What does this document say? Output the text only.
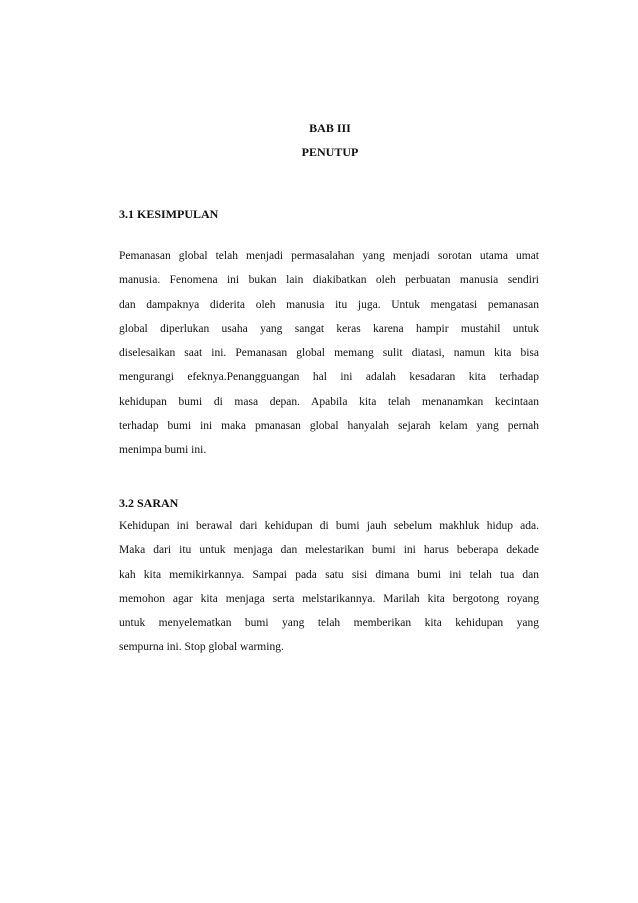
BAB III
PENUTUP
3.1 KESIMPULAN
Pemanasan global telah menjadi permasalahan yang menjadi sorotan utama umat
manusia. Fenomena ini bukan lain diakibatkan oleh perbuatan manusia sendiri
dan dampaknya diderita oleh manusia itu juga. Untuk mengatasi pemanasan
global diperlukan usaha yang sangat keras karena hampir mustahil untuk
diselesaikan saat ini. Pemanasan global memang sulit diatasi, namun kita bisa
mengurangi efeknya.Penangguangan hal ini adalah kesadaran kita terhadap
kehidupan bumi di masa depan. Apabila kita telah menanamkan kecintaan
terhadap bumi ini maka pmanasan global hanyalah sejarah kelam yang pernah
menimpa bumi ini.
3.2 SARAN
Kehidupan ini berawal dari kehidupan di bumi jauh sebelum makhluk hidup ada.
Maka dari itu untuk menjaga dan melestarikan bumi ini harus beberapa dekade
kah kita memikirkannya. Sampai pada satu sisi dimana bumi ini telah tua dan
memohon agar kita menjaga serta melstarikannya. Marilah kita bergotong royang
untuk menyelematkan bumi yang telah memberikan kita kehidupan yang
sempurna ini. Stop global warming.
